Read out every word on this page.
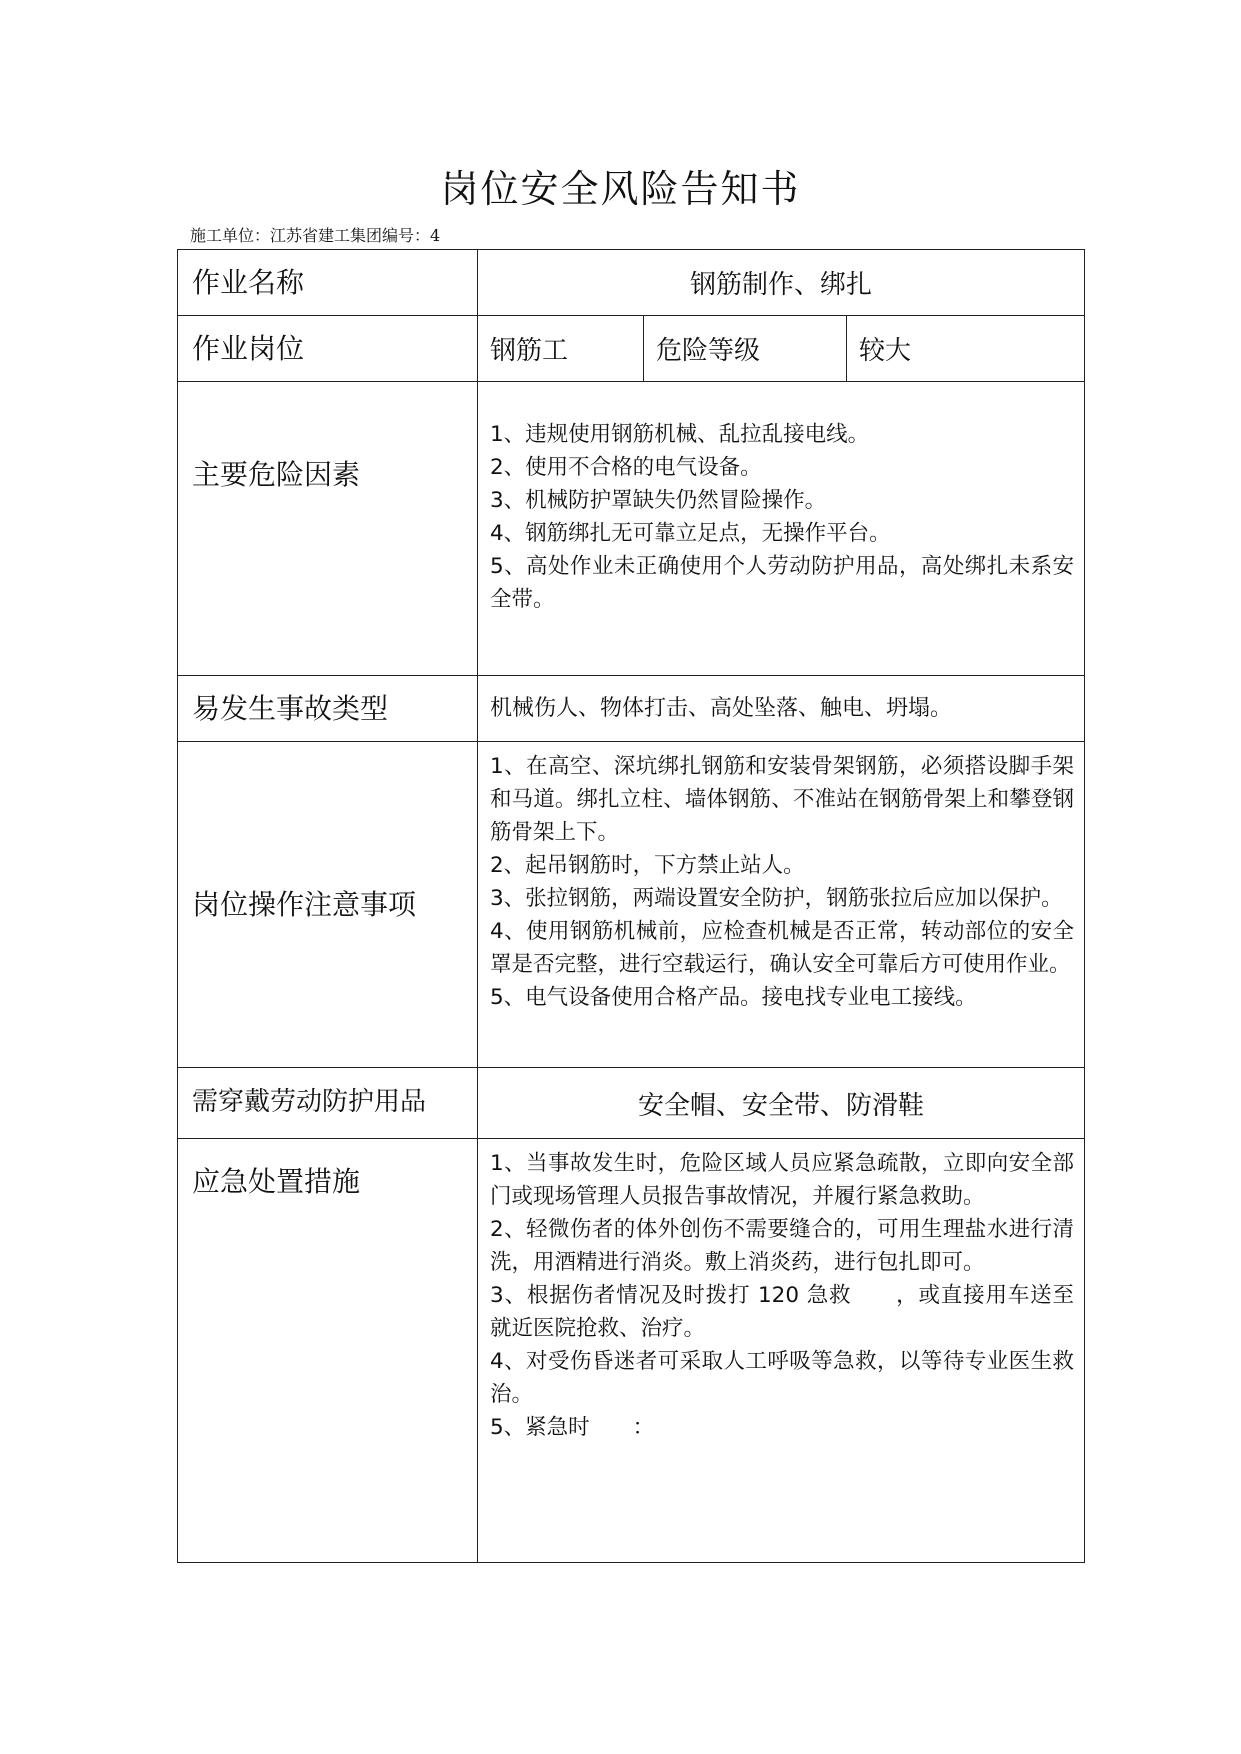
岗位安全风险告知书
施工单位：江苏省建工集团编号：4
作业名称	钢筋制作、绑扎		
作业岗位	钢筋工	危险等级	较大
主要危险因素	1、违规使用钢筋机械、乱拉乱接电线。
2、使用不合格的电气设备。
3、机械防护罩缺失仍然冒险操作。
4、钢筋绑扎无可靠立足点，无操作平台。
5、高处作业未正确使用个人劳动防护用品，高处绑扎未系安全带。		

易发生事故类型	机械伤人、物体打击、高处坠落、触电、坍塌。		
岗位操作注意事项	1、在高空、深坑绑扎钢筋和安装骨架钢筋，必须搭设脚手架和马道。绑扎立柱、墙体钢筋、不准站在钢筋骨架上和攀登钢筋骨架上下。
2、起吊钢筋时，下方禁止站人。
3、张拉钢筋，两端设置安全防护，钢筋张拉后应加以保护。
4、使用钢筋机械前，应检查机械是否正常，转动部位的安全罩是否完整，进行空载运行，确认安全可靠后方可使用作业。
5、电气设备使用合格产品。接电找专业电工接线。		

需穿戴劳动防护用品	安全帽、安全带、防滑鞋		
应急处置措施	1、当事故发生时，危险区域人员应紧急疏散，立即向安全部门或现场管理人员报告事故情况，并履行紧急救助。
2、轻微伤者的体外创伤不需要缝合的，可用生理盐水进行清洗，用酒精进行消炎。敷上消炎药，进行包扎即可。
3、根据伤者情况及时拨打 120 急救　　，或直接用车送至就近医院抢救、治疗。
4、对受伤昏迷者可采取人工呼吸等急救，以等待专业医生救治。
5、紧急时　　：		
